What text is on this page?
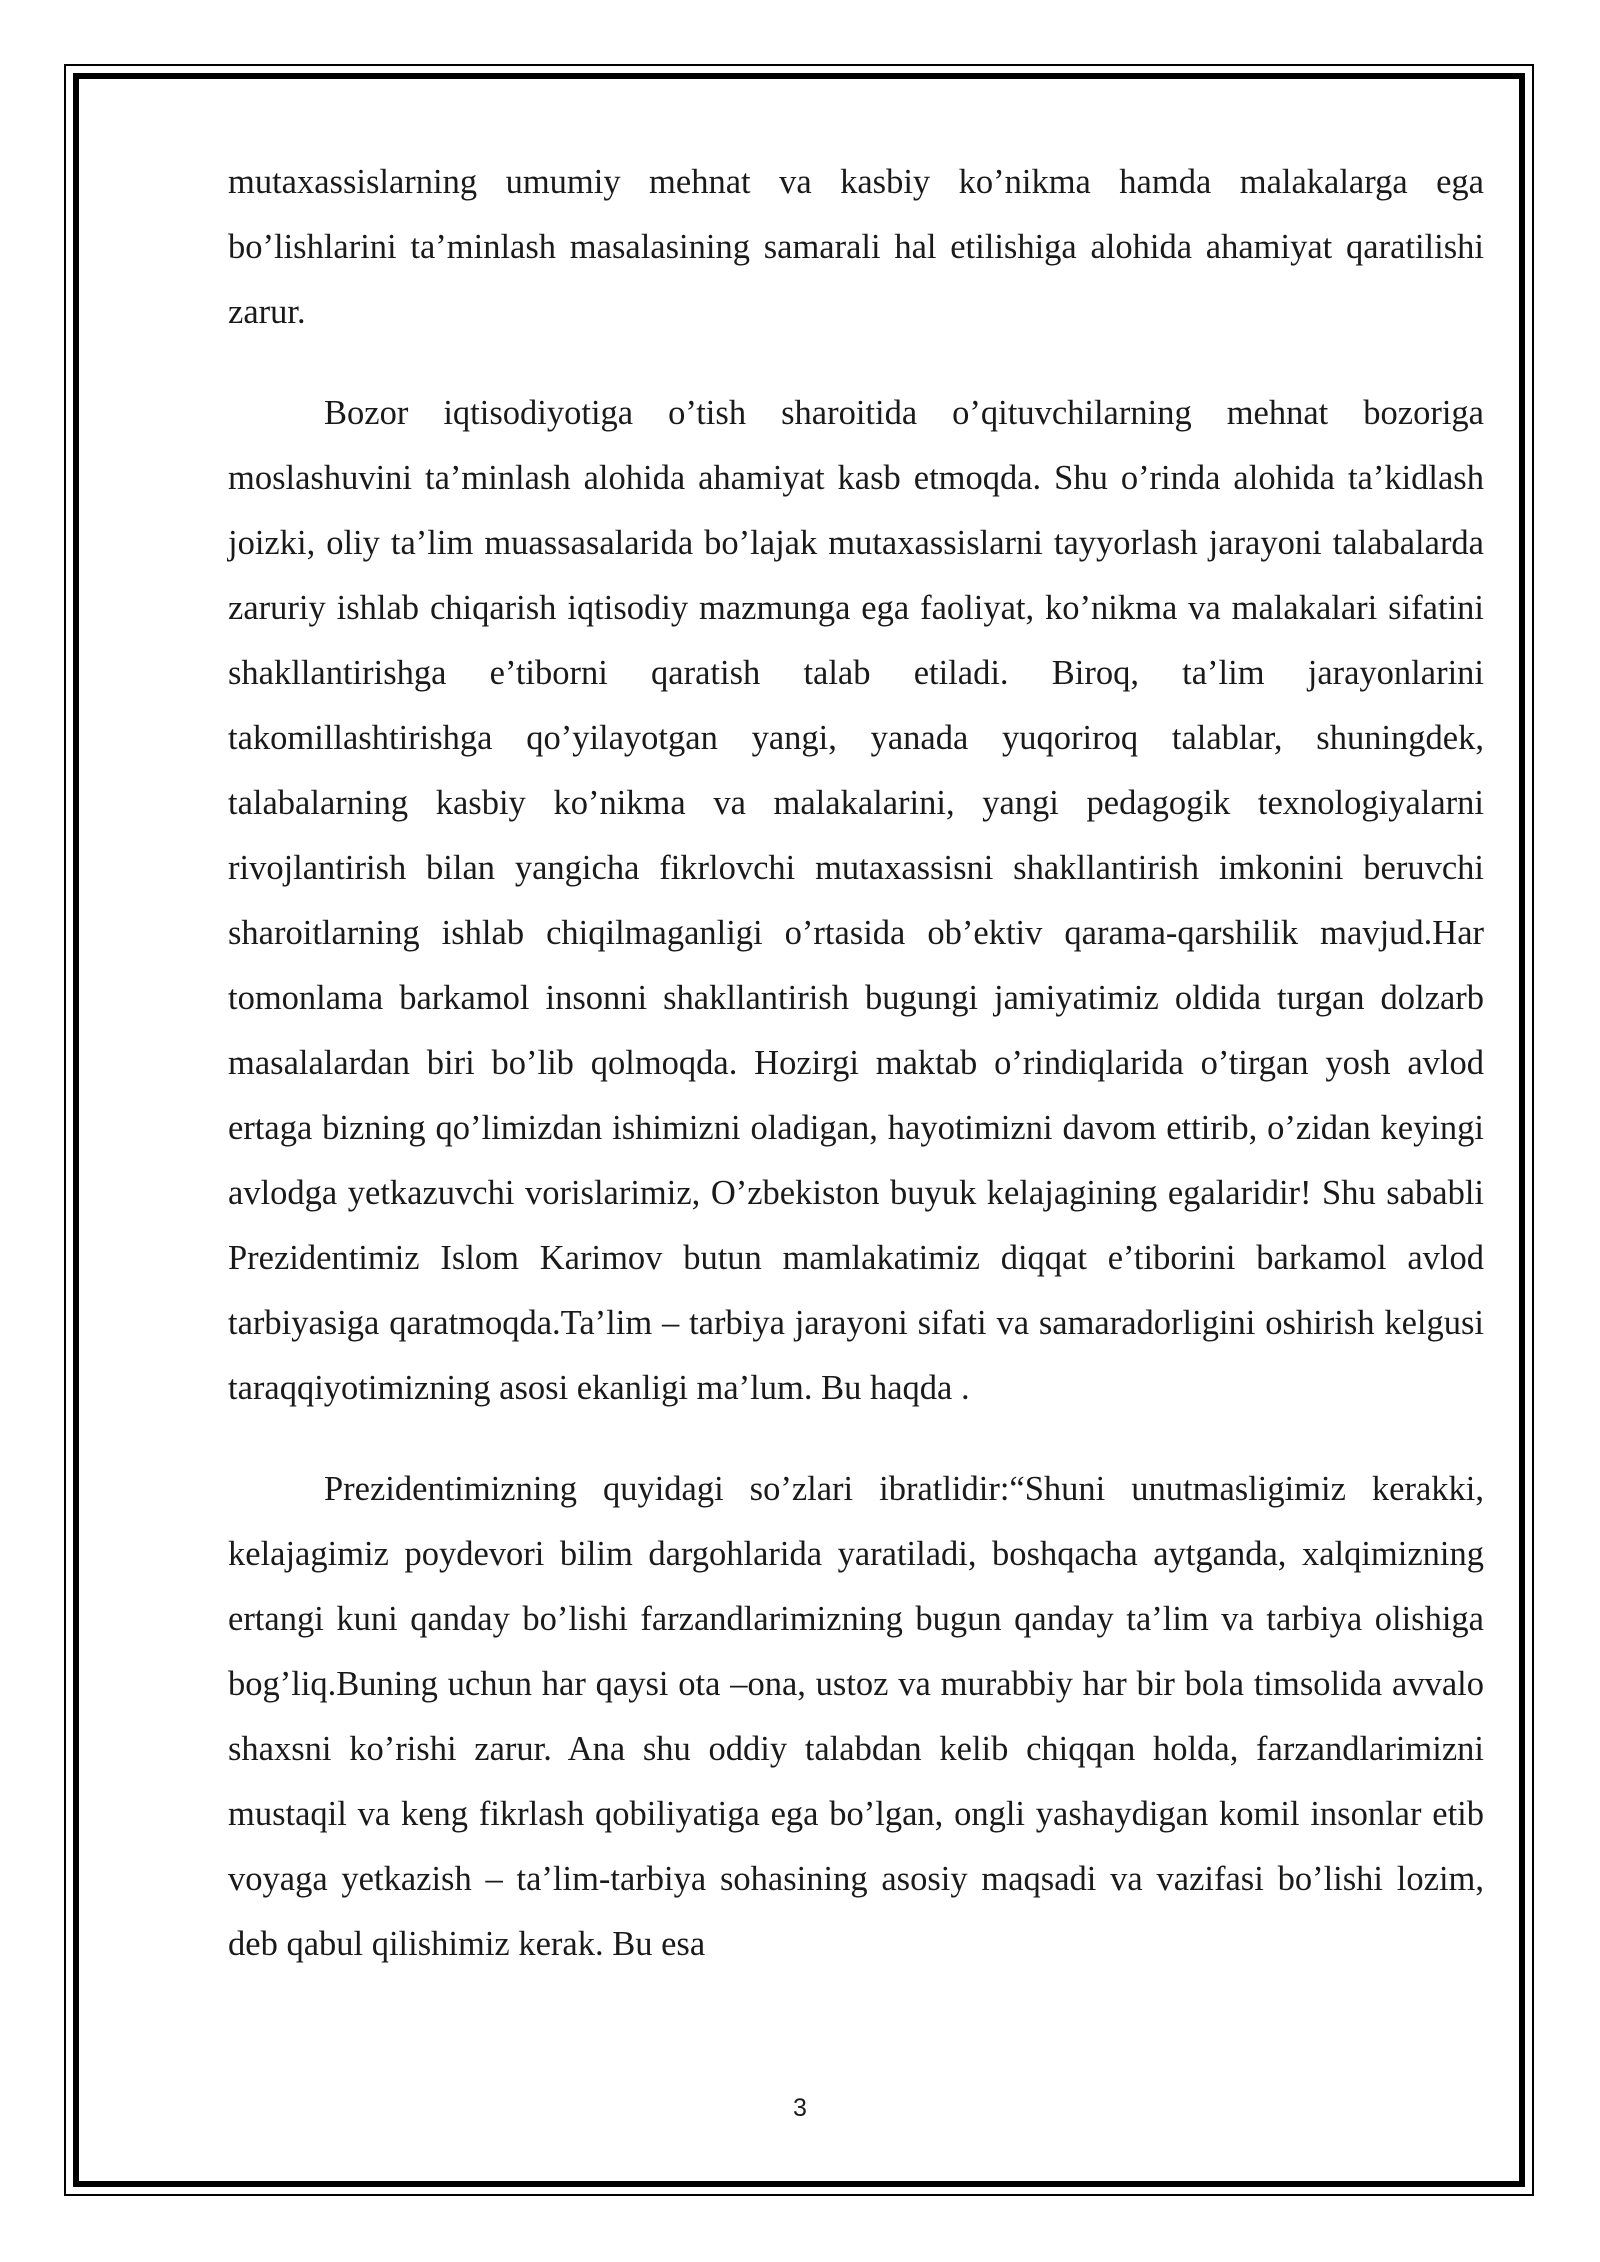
mutaxassislarning umumiy mehnat va kasbiy ko’nikma hamda malakalarga ega bo’lishlarini ta’minlash masalasining samarali hal etilishiga alohida ahamiyat qaratilishi zarur.

Bozor iqtisodiyotiga o’tish sharoitida o’qituvchilarning mehnat bozoriga moslashuvini ta’minlash alohida ahamiyat kasb etmoqda. Shu o’rinda alohida ta’kidlash joizki, oliy ta’lim muassasalarida bo’lajak mutaxassislarni tayyorlash jarayoni talabalarda zaruriy ishlab chiqarish iqtisodiy mazmunga ega faoliyat, ko’nikma va malakalari sifatini shakllantirishga e’tiborni qaratish talab etiladi. Biroq, ta’lim jarayonlarini takomillashtirishga qo’yilayotgan yangi, yanada yuqoriroq talablar, shuningdek, talabalarning kasbiy ko’nikma va malakalarini, yangi pedagogik texnologiyalarni rivojlantirish bilan yangicha fikrlovchi mutaxassisni shakllantirish imkonini beruvchi sharoitlarning ishlab chiqilmaganligi o’rtasida ob’ektiv qarama-qarshilik mavjud.Har tomonlama barkamol insonni shakllantirish bugungi jamiyatimiz oldida turgan dolzarb masalalardan biri bo’lib qolmoqda. Hozirgi maktab o’rindiqlarida o’tirgan yosh avlod ertaga bizning qo’limizdan ishimizni oladigan, hayotimizni davom ettirib, o’zidan keyingi avlodga yetkazuvchi vorislarimiz, O’zbekiston buyuk kelajagining egalaridir! Shu sababli Prezidentimiz Islom Karimov butun mamlakatimiz diqqat e’tiborini barkamol avlod tarbiyasiga qaratmoqda.Ta’lim – tarbiya jarayoni sifati va samaradorligini oshirish kelgusi taraqqiyotimizning asosi ekanligi ma’lum. Bu haqda .

Prezidentimizning quyidagi so’zlari ibratlidir:“Shuni unutmasligimiz kerakki, kelajagimiz poydevori bilim dargohlarida yaratiladi, boshqacha aytganda, xalqimizning ertangi kuni qanday bo’lishi farzandlarimizning bugun qanday ta’lim va tarbiya olishiga bog’liq.Buning uchun har qaysi ota –ona, ustoz va murabbiy har bir bola timsolida avvalo shaxsni ko’rishi zarur. Ana shu oddiy talabdan kelib chiqqan holda, farzandlarimizni mustaqil va keng fikrlash qobiliyatiga ega bo’lgan, ongli yashaydigan komil insonlar etib voyaga yetkazish – ta’lim-tarbiya sohasining asosiy maqsadi va vazifasi bo’lishi lozim, deb qabul qilishimiz kerak. Bu esa

3
